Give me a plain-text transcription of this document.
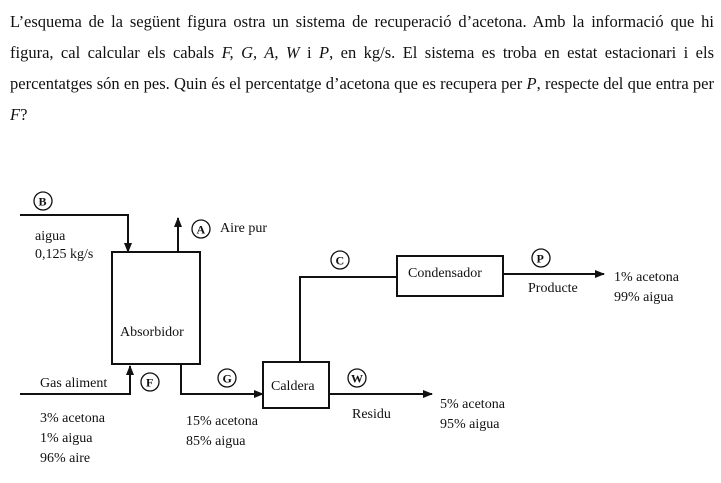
L’esquema de la següent figura ostra un sistema de recuperació d’acetona. Amb la informació que hi figura, cal calcular els cabals F, G, A, W i P, en kg/s. El sistema es troba en estat estacionari i els percentatges són en pes. Quin és el percentatge d’acetona que es recupera per P, respecte del que entra per F?

Absorbidor
Caldera
Condensador
B
aigua
0,125 kg/s
A Aire pur
Gas aliment	F
3% acetona
1% aigua
96% aire
G
15% acetona
85% aigua
C
W
Residu
5% acetona
95% aigua
P
Producte
1% acetona
99% aigua
